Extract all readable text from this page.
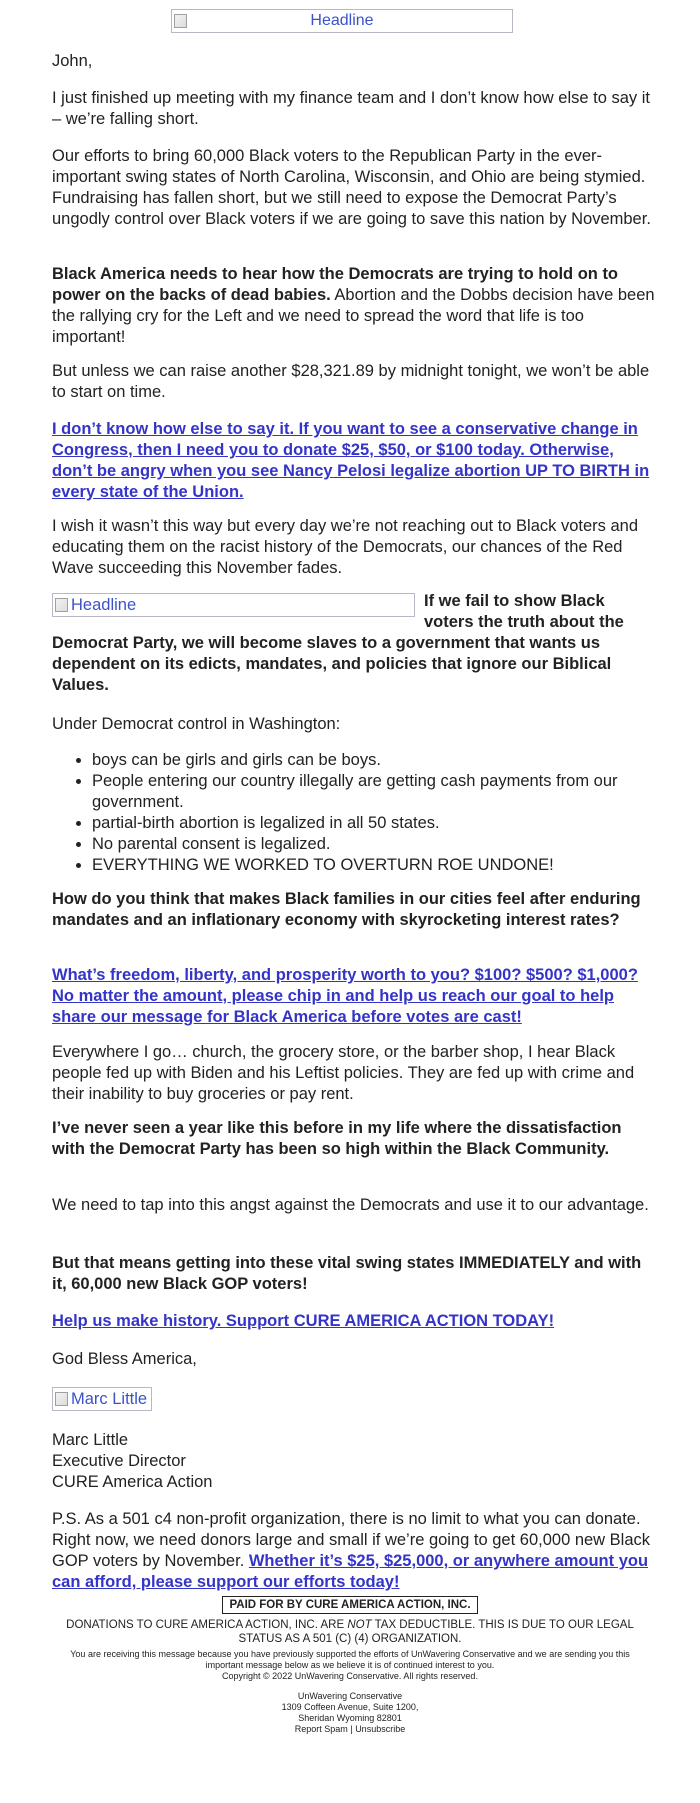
Headline
John,

I just finished up meeting with my finance team and I don’t know how else to say it – we’re falling short.

Our efforts to bring 60,000 Black voters to the Republican Party in the ever-important swing states of North Carolina, Wisconsin, and Ohio are being stymied. Fundraising has fallen short, but we still need to expose the Democrat Party’s ungodly control over Black voters if we are going to save this nation by November.

Black America needs to hear how the Democrats are trying to hold on to power on the backs of dead babies. Abortion and the Dobbs decision have been the rallying cry for the Left and we need to spread the word that life is too important!

But unless we can raise another $28,321.89 by midnight tonight, we won’t be able to start on time.

I don’t know how else to say it. If you want to see a conservative change in Congress, then I need you to donate $25, $50, or $100 today. Otherwise, don’t be angry when you see Nancy Pelosi legalize abortion UP TO BIRTH in every state of the Union.

I wish it wasn’t this way but every day we’re not reaching out to Black voters and educating them on the racist history of the Democrats, our chances of the Red Wave succeeding this November fades.

Headline	If we fail to show Black voters the truth about the Democrat Party, we will become slaves to a government that wants us dependent on its edicts, mandates, and policies that ignore our Biblical Values.

Under Democrat control in Washington:

• boys can be girls and girls can be boys.
• People entering our country illegally are getting cash payments from our government.
• partial-birth abortion is legalized in all 50 states.
• No parental consent is legalized.
• EVERYTHING WE WORKED TO OVERTURN ROE UNDONE!

How do you think that makes Black families in our cities feel after enduring mandates and an inflationary economy with skyrocketing interest rates?

What’s freedom, liberty, and prosperity worth to you? $100? $500? $1,000? No matter the amount, please chip in and help us reach our goal to help share our message for Black America before votes are cast!

Everywhere I go… church, the grocery store, or the barber shop, I hear Black people fed up with Biden and his Leftist policies. They are fed up with crime and their inability to buy groceries or pay rent.

I’ve never seen a year like this before in my life where the dissatisfaction with the Democrat Party has been so high within the Black Community.

We need to tap into this angst against the Democrats and use it to our advantage.

But that means getting into these vital swing states IMMEDIATELY and with it, 60,000 new Black GOP voters!

Help us make history. Support CURE AMERICA ACTION TODAY!

God Bless America,

Marc Little

Marc Little

Executive Director

CURE America Action

P.S. As a 501 c4 non-profit organization, there is no limit to what you can donate. Right now, we need donors large and small if we’re going to get 60,000 new Black GOP voters by November. Whether it’s $25, $25,000, or anywhere amount you can afford, please support our efforts today!

PAID FOR BY CURE AMERICA ACTION, INC.
DONATIONS TO CURE AMERICA ACTION, INC. ARE NOT TAX DEDUCTIBLE. THIS IS DUE TO OUR LEGAL STATUS AS A 501 (C) (4) ORGANIZATION.
You are receiving this message because you have previously supported the efforts of UnWavering Conservative and we are sending you this important message below as we believe it is of continued interest to you.
Copyright © 2022 UnWavering Conservative. All rights reserved.
UnWavering Conservative
1309 Coffeen Avenue, Suite 1200,
Sheridan Wyoming 82801
Report Spam | Unsubscribe
